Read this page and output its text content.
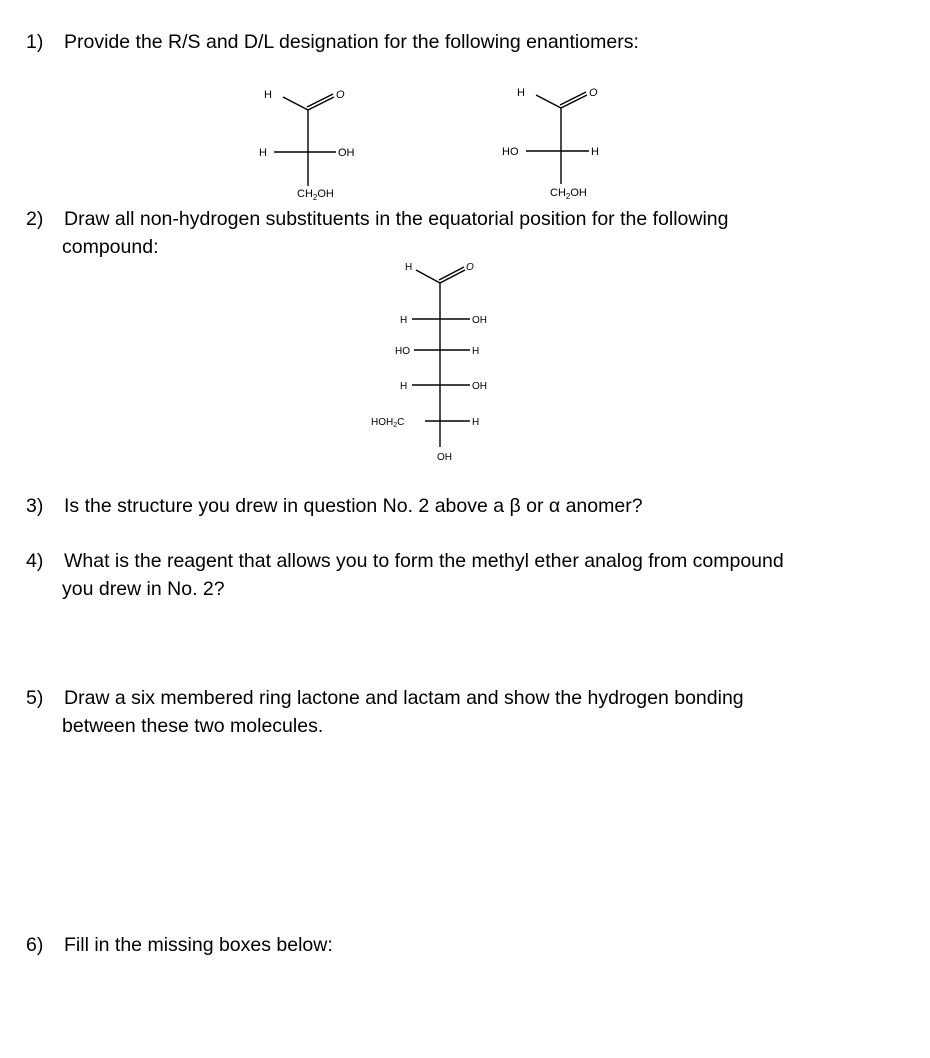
1) Provide the R/S and D/L designation for the following enantiomers:
2) Draw all non-hydrogen substituents in the equatorial position for the following
compound:
3) Is the structure you drew in question No. 2 above a β or α anomer?
4) What is the reagent that allows you to form the methyl ether analog from compound
you drew in No. 2?
5) Draw a six membered ring lactone and lactam and show the hydrogen bonding
between these two molecules.
6) Fill in the missing boxes below:
H	O
H	OH
$CH_2OH$
H	O
HO	H
$CH_2OH$
H	O
H	OH
HO	H
H	OH
$HOH_2C$	H
OH
